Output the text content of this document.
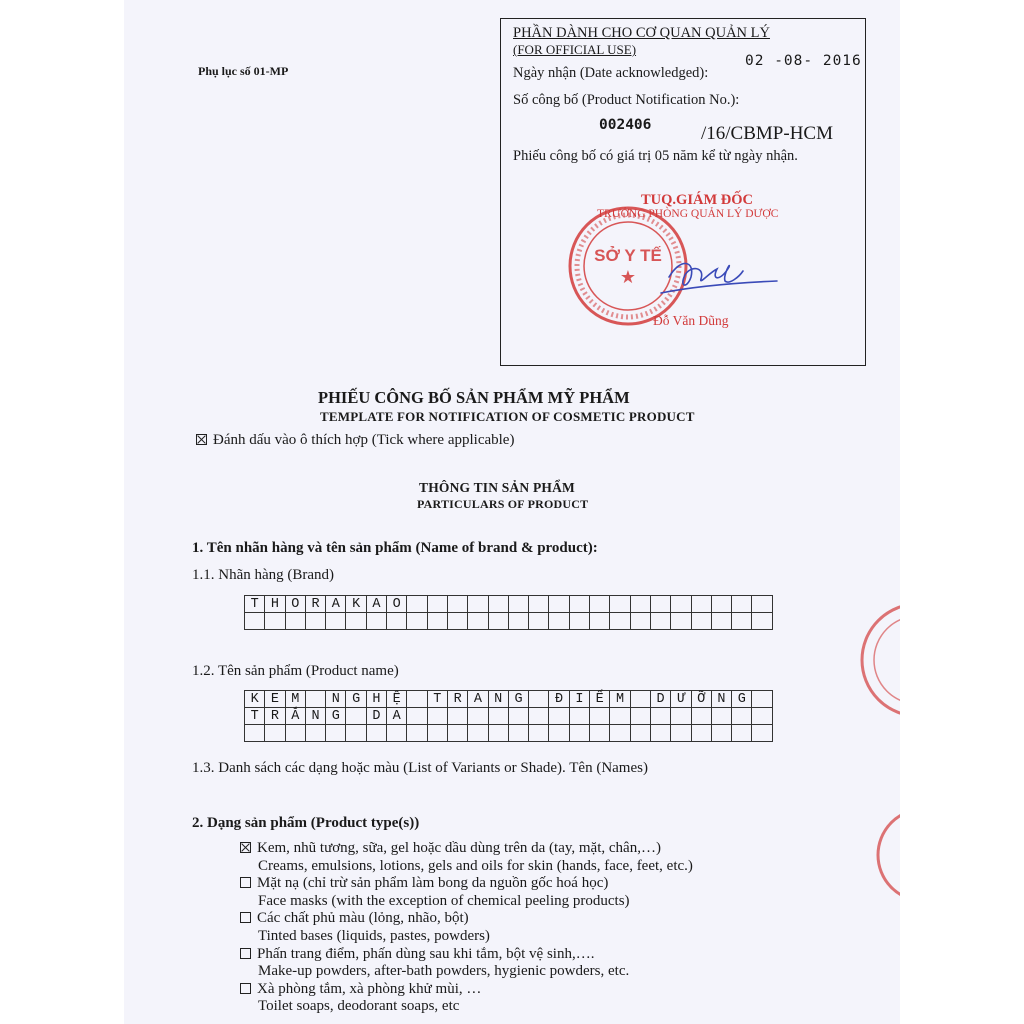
Phụ lục số 01-MP
PHẦN DÀNH CHO CƠ QUAN QUẢN LÝ
(FOR OFFICIAL USE)
Ngày nhận (Date acknowledged):
02 -08- 2016
Số công bố (Product Notification No.):
002406	/16/CBMP-HCM
Phiếu công bố có giá trị 05 năm kể từ ngày nhận.
TUQ.GIÁM ĐỐC
TRƯỞNG PHÒNG QUẢN LÝ DƯỢC
SỞ Y TẾ
★
Đỗ Văn Dũng
PHIẾU CÔNG BỐ SẢN PHẨM MỸ PHẨM
TEMPLATE FOR NOTIFICATION OF COSMETIC PRODUCT
Đánh dấu vào ô thích hợp (Tick where applicable)
THÔNG TIN SẢN PHẨM
PARTICULARS OF PRODUCT
1. Tên nhãn hàng và tên sản phẩm (Name of brand & product):
1.1. Nhãn hàng (Brand)
T	H	O	R	A	K	A	O																		

1.2. Tên sản phẩm (Product name)
K	E	M		N	G	H	Ệ		T	R	A	N	G		Đ	I	Ể	M		D	Ư	Ỡ	N	G	
T	R	Ắ	N	G		D	A																		

1.3. Danh sách các dạng hoặc màu (List of Variants or Shade). Tên (Names)
2. Dạng sản phẩm (Product type(s))
Kem, nhũ tương, sữa, gel hoặc dầu dùng trên da (tay, mặt, chân,…)
Creams, emulsions, lotions, gels and oils for skin (hands, face, feet, etc.)
Mặt nạ (chỉ trừ sản phẩm làm bong da nguồn gốc hoá học)
Face masks (with the exception of chemical peeling products)
Các chất phủ màu (lỏng, nhão, bột)
Tinted bases (liquids, pastes, powders)
Phấn trang điểm, phấn dùng sau khi tắm, bột vệ sinh,….
Make-up powders, after-bath powders, hygienic powders, etc.
Xà phòng tắm, xà phòng khử mùi, …
Toilet soaps, deodorant soaps, etc
